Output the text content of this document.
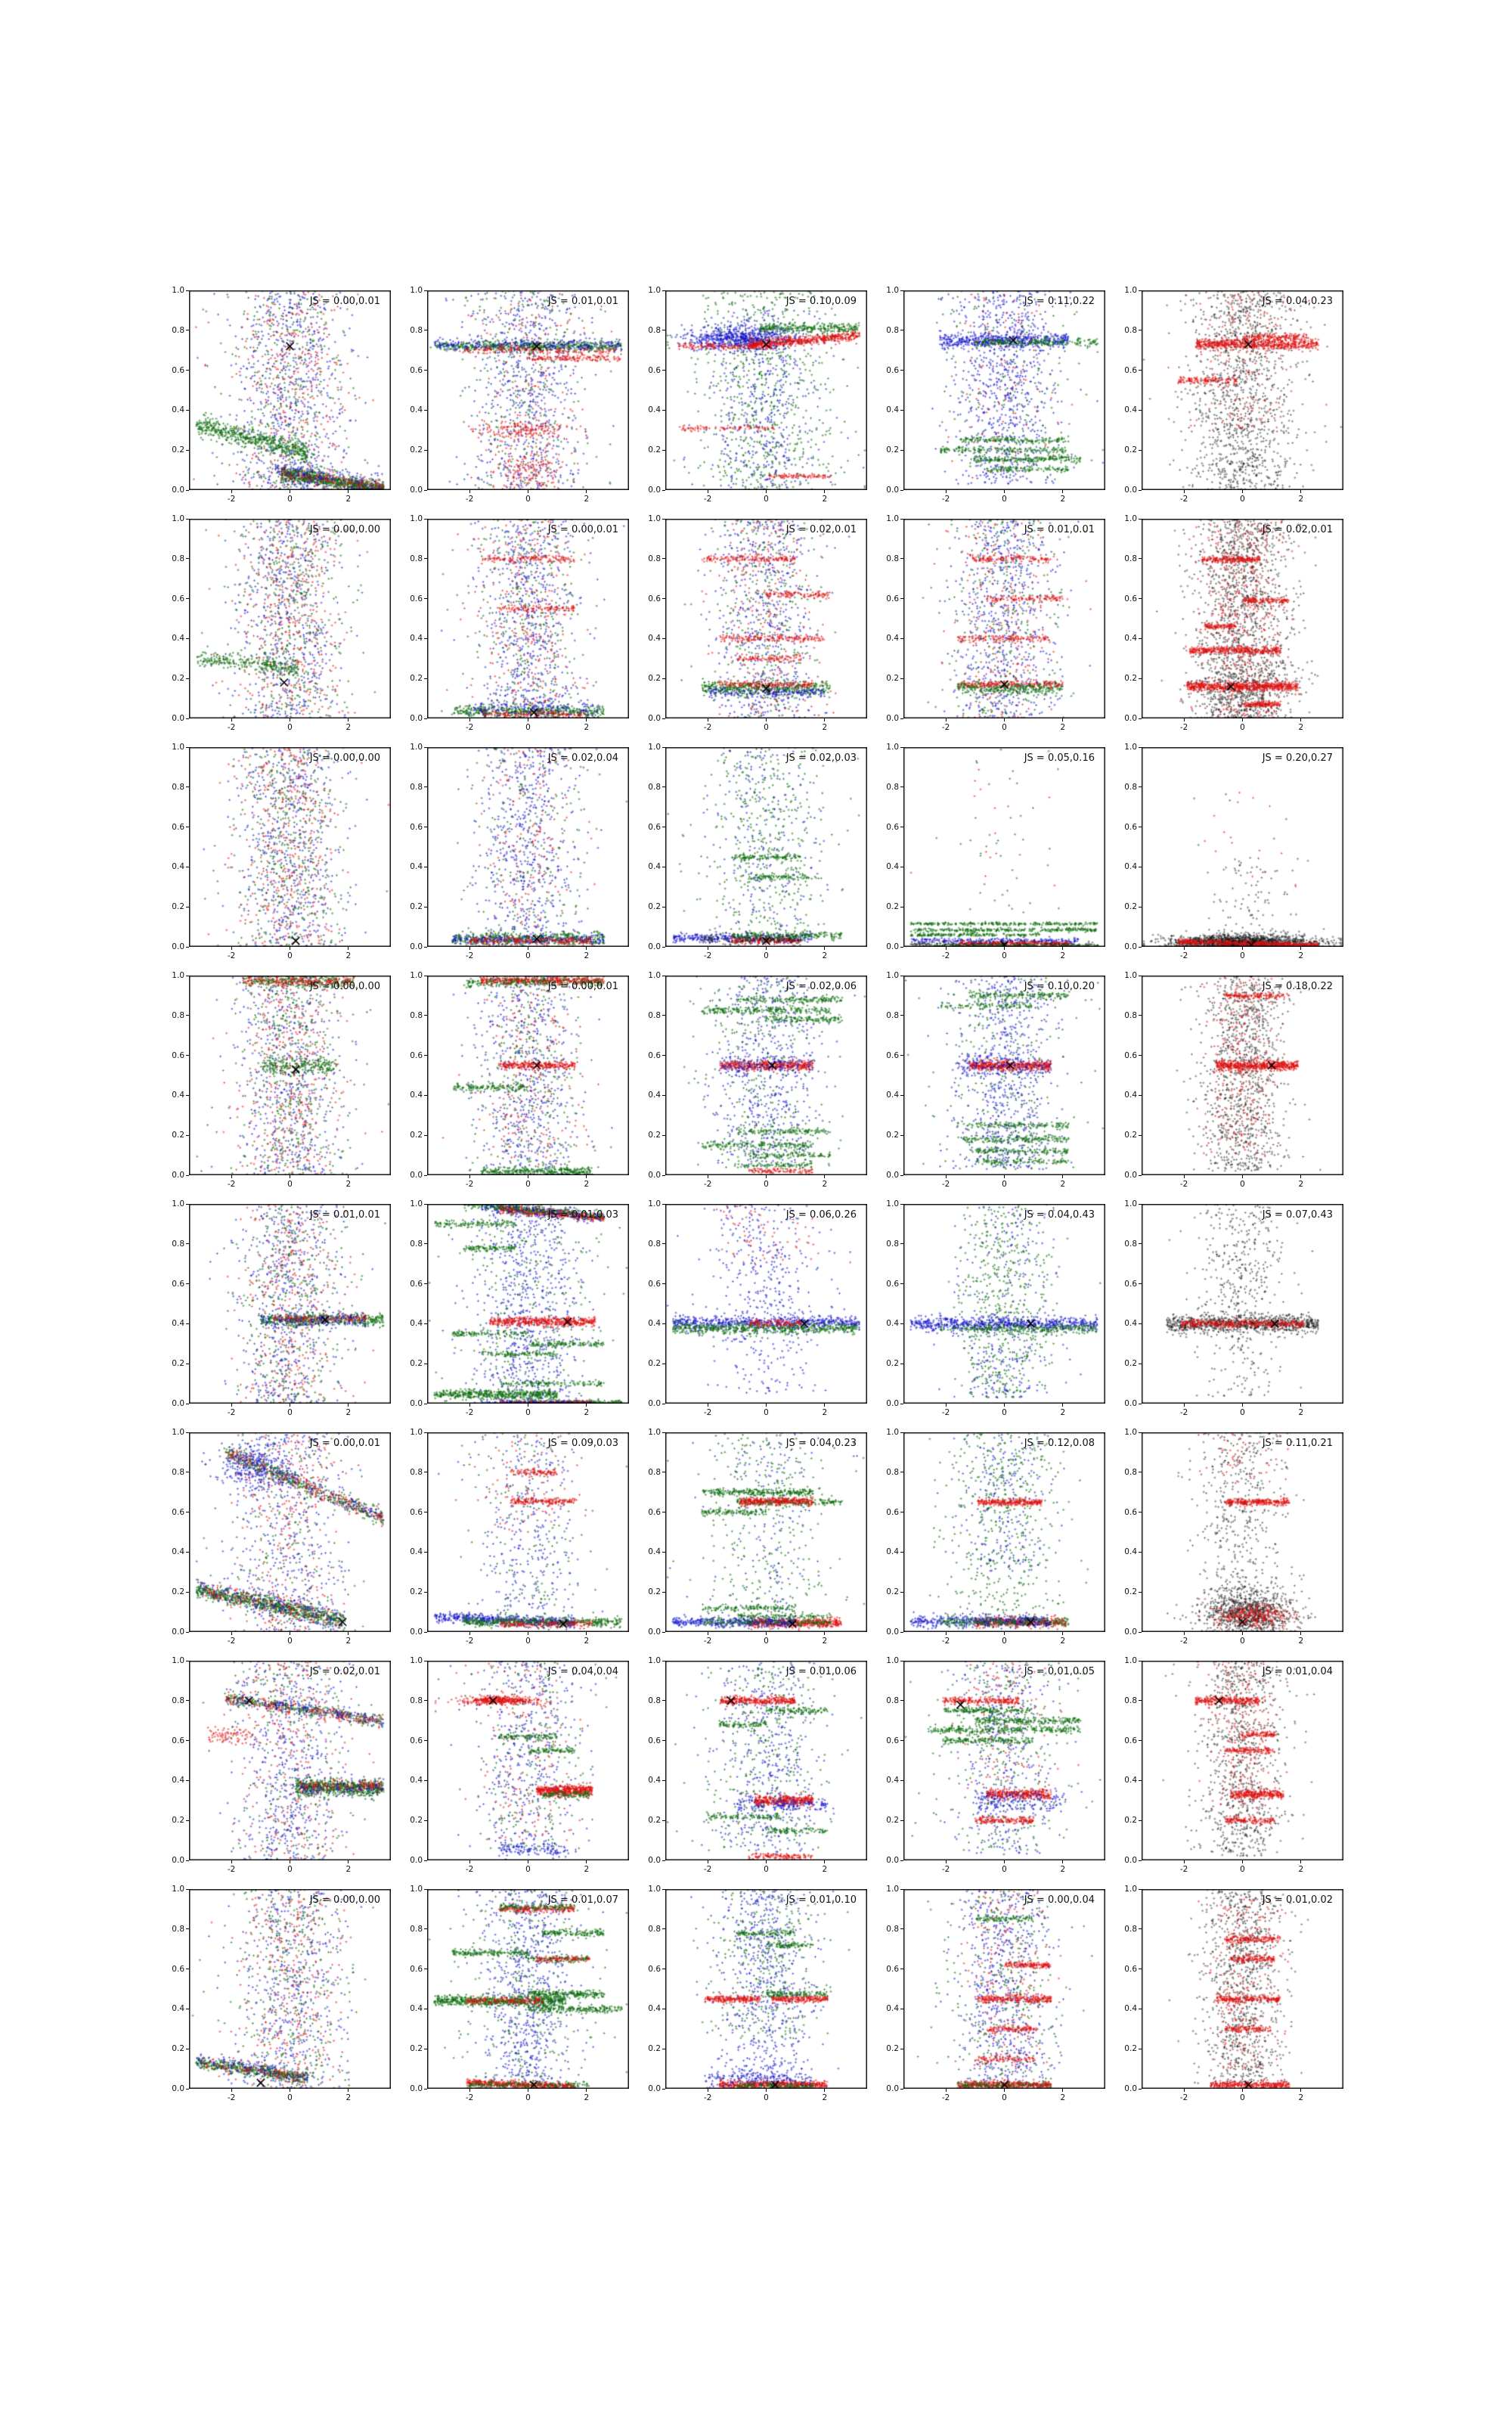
JS = 0.00,0.01
1.0
0.8
0.6
0.4
0.2
0.0
-2	0	2
JS = 0.01,0.01
1.0
0.8
0.6
0.4
0.2
0.0
-2	0	2
JS = 0.10,0.09
1.0
0.8
0.6
0.4
0.2
0.0
-2	0	2
JS = 0.11,0.22
1.0
0.8
0.6
0.4
0.2
0.0
-2	0	2
JS = 0.04,0.23
1.0
0.8
0.6
0.4
0.2
0.0
-2	0	2
JS = 0.00,0.00
1.0
0.8
0.6
0.4
0.2
0.0
-2	0	2
JS = 0.00,0.01
1.0
0.8
0.6
0.4
0.2
0.0
-2	0	2
JS = 0.02,0.01
1.0
0.8
0.6
0.4
0.2
0.0
-2	0	2
JS = 0.01,0.01
1.0
0.8
0.6
0.4
0.2
0.0
-2	0	2
JS = 0.02,0.01
1.0
0.8
0.6
0.4
0.2
0.0
-2	0	2
JS = 0.00,0.00
1.0
0.8
0.6
0.4
0.2
0.0
-2	0	2
JS = 0.02,0.04
1.0
0.8
0.6
0.4
0.2
0.0
-2	0	2
JS = 0.02,0.03
1.0
0.8
0.6
0.4
0.2
0.0
-2	0	2
JS = 0.05,0.16
1.0
0.8
0.6
0.4
0.2
0.0
-2	0	2
JS = 0.20,0.27
1.0
0.8
0.6
0.4
0.2
0.0
-2	0	2
JS = 0.00,0.00
1.0
0.8
0.6
0.4
0.2
0.0
-2	0	2
JS = 0.00,0.01
1.0
0.8
0.6
0.4
0.2
0.0
-2	0	2
JS = 0.02,0.06
1.0
0.8
0.6
0.4
0.2
0.0
-2	0	2
JS = 0.10,0.20
1.0
0.8
0.6
0.4
0.2
0.0
-2	0	2
JS = 0.18,0.22
1.0
0.8
0.6
0.4
0.2
0.0
-2	0	2
JS = 0.01,0.01
1.0
0.8
0.6
0.4
0.2
0.0
-2	0	2
JS = 0.01,0.03
1.0
0.8
0.6
0.4
0.2
0.0
-2	0	2
JS = 0.06,0.26
1.0
0.8
0.6
0.4
0.2
0.0
-2	0	2
JS = 0.04,0.43
1.0
0.8
0.6
0.4
0.2
0.0
-2	0	2
JS = 0.07,0.43
1.0
0.8
0.6
0.4
0.2
0.0
-2	0	2
JS = 0.00,0.01
1.0
0.8
0.6
0.4
0.2
0.0
-2	0	2
JS = 0.09,0.03
1.0
0.8
0.6
0.4
0.2
0.0
-2	0	2
JS = 0.04,0.23
1.0
0.8
0.6
0.4
0.2
0.0
-2	0	2
JS = 0.12,0.08
1.0
0.8
0.6
0.4
0.2
0.0
-2	0	2
JS = 0.11,0.21
1.0
0.8
0.6
0.4
0.2
0.0
-2	0	2
JS = 0.02,0.01
1.0
0.8
0.6
0.4
0.2
0.0
-2	0	2
JS = 0.04,0.04
1.0
0.8
0.6
0.4
0.2
0.0
-2	0	2
JS = 0.01,0.06
1.0
0.8
0.6
0.4
0.2
0.0
-2	0	2
JS = 0.01,0.05
1.0
0.8
0.6
0.4
0.2
0.0
-2	0	2
JS = 0.01,0.04
1.0
0.8
0.6
0.4
0.2
0.0
-2	0	2
JS = 0.00,0.00
1.0
0.8
0.6
0.4
0.2
0.0
-2	0	2
JS = 0.01,0.07
1.0
0.8
0.6
0.4
0.2
0.0
-2	0	2
JS = 0.01,0.10
1.0
0.8
0.6
0.4
0.2
0.0
-2	0	2
JS = 0.00,0.04
1.0
0.8
0.6
0.4
0.2
0.0
-2	0	2
JS = 0.01,0.02
1.0
0.8
0.6
0.4
0.2
0.0
-2	0	2
